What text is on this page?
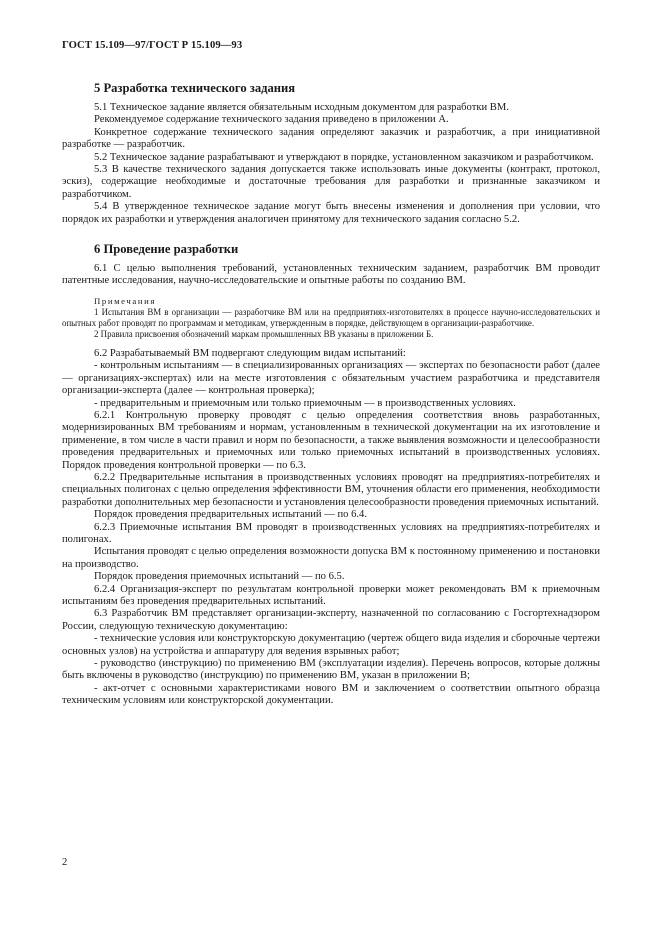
ГОСТ 15.109—97/ГОСТ Р 15.109—93
5 Разработка технического задания

5.1 Техническое задание является обязательным исходным документом для разработки ВМ.

Рекомендуемое содержание технического задания приведено в приложении А.

Конкретное содержание технического задания определяют заказчик и разработчик, а при инициативной разработке — разработчик.

5.2 Техническое задание разрабатывают и утверждают в порядке, установленном заказчиком и разработчиком.

5.3 В качестве технического задания допускается также использовать иные документы (контракт, протокол, эскиз), содержащие необходимые и достаточные требования для разработки и признанные заказчиком и разработчиком.

5.4 В утвержденное техническое задание могут быть внесены изменения и дополнения при условии, что порядок их разработки и утверждения аналогичен принятому для технического задания согласно 5.2.

6 Проведение разработки

6.1 С целью выполнения требований, установленных техническим заданием, разработчик ВМ проводит патентные исследования, научно-исследовательские и опытные работы по созданию ВМ.

Примечания

1 Испытания ВМ в организации — разработчике ВМ или на предприятиях-изготовителях в процессе научно-исследовательских и опытных работ проводят по программам и методикам, утвержденным в порядке, действующем в организации-разработчике.

2 Правила присвоения обозначений маркам промышленных ВВ указаны в приложении Б.

6.2 Разрабатываемый ВМ подвергают следующим видам испытаний:

- контрольным испытаниям — в специализированных организациях — экспертах по безопасности работ (далее — организациях-экспертах) или на месте изготовления с обязательным участием разработчика и представителя организации-эксперта (далее — контрольная проверка);

- предварительным и приемочным или только приемочным — в производственных условиях.

6.2.1 Контрольную проверку проводят с целью определения соответствия вновь разработанных, модернизированных ВМ требованиям и нормам, установленным в технической документации на их изготовление и применение, в том числе в части правил и норм по безопасности, а также выявления возможности и целесообразности проведения предварительных и приемочных или только приемочных испытаний в производственных условиях. Порядок проведения контрольной проверки — по 6.3.

6.2.2 Предварительные испытания в производственных условиях проводят на предприятиях-потребителях и специальных полигонах с целью определения эффективности ВМ, уточнения области его применения, необходимости разработки дополнительных мер безопасности и установления целесообразности проведения приемочных испытаний.

Порядок проведения предварительных испытаний — по 6.4.

6.2.3 Приемочные испытания ВМ проводят в производственных условиях на предприятиях-потребителях и полигонах.

Испытания проводят с целью определения возможности допуска ВМ к постоянному применению и постановки на производство.

Порядок проведения приемочных испытаний — по 6.5.

6.2.4 Организация-эксперт по результатам контрольной проверки может рекомендовать ВМ к приемочным испытаниям без проведения предварительных испытаний.

6.3 Разработчик ВМ представляет организации-эксперту, назначенной по согласованию с Госгортехнадзором России, следующую техническую документацию:

- технические условия или конструкторскую документацию (чертеж общего вида изделия и сборочные чертежи основных узлов) на устройства и аппаратуру для ведения взрывных работ;

- руководство (инструкцию) по применению ВМ (эксплуатации изделия). Перечень вопросов, которые должны быть включены в руководство (инструкцию) по применению ВМ, указан в приложении В;

- акт-отчет с основными характеристиками нового ВМ и заключением о соответствии опытного образца техническим условиям или конструкторской документации.

2
